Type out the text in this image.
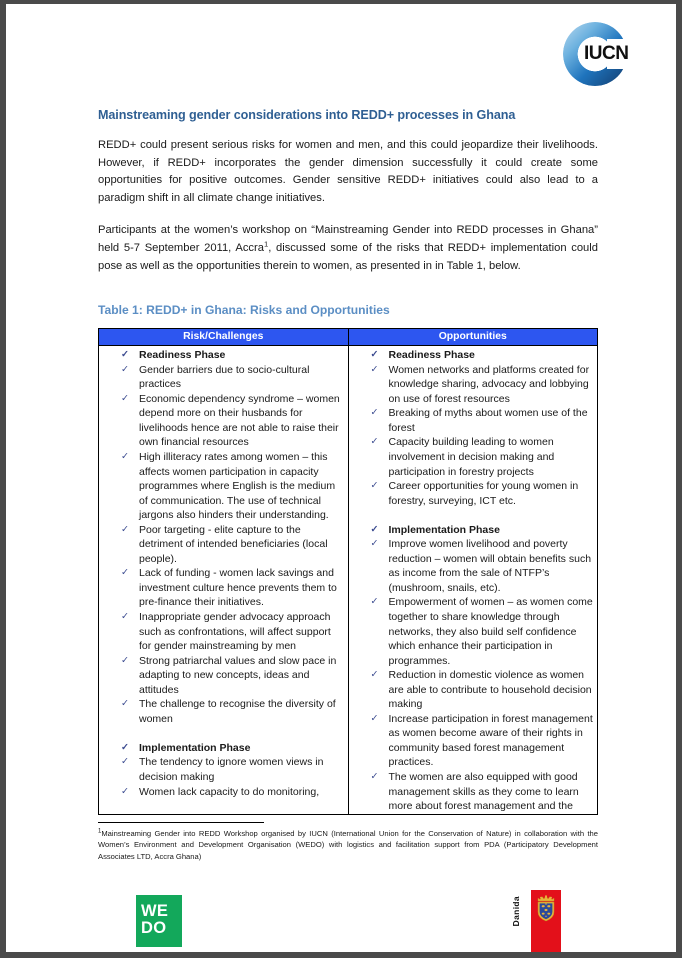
IUCN
Mainstreaming gender considerations into REDD+ processes in Ghana

REDD+ could present serious risks for women and men, and this could jeopardize their livelihoods. However, if REDD+ incorporates the gender dimension successfully it could create some opportunities for positive outcomes. Gender sensitive REDD+ initiatives could also lead to a paradigm shift in all climate change initiatives.

Participants at the women’s workshop on “Mainstreaming Gender into REDD processes in Ghana” held 5-7 September 2011, Accra$^1$, discussed some of the risks that REDD+ implementation could pose as well as the opportunities therein to women, as presented in in Table 1, below.

Table 1: REDD+ in Ghana: Risks and Opportunities

Risk/Challenges	Opportunities

✓ Readiness Phase
✓ Gender barriers due to socio-cultural practices
✓ Economic dependency syndrome – women depend more on their husbands for livelihoods hence are not able to raise their own financial resources
✓ High illiteracy rates among women – this affects women participation in capacity programmes where English is the medium of communication. The use of technical jargons also hinders their understanding.
✓ Poor targeting - elite capture to the detriment of intended beneficiaries (local people).
✓ Lack of funding - women lack savings and investment culture hence prevents them to pre-finance their initiatives.
✓ Inappropriate gender advocacy approach such as confrontations, will affect support for gender mainstreaming by men
✓ Strong patriarchal values and slow pace in adapting to new concepts, ideas and attitudes
✓ The challenge to recognise the diversity of women
✓ Implementation Phase
✓ The tendency to ignore women views in decision making
✓ Women lack capacity to do monitoring,

✓ Readiness Phase
✓ Women networks and platforms created for knowledge sharing, advocacy and lobbying on use of forest resources
✓ Breaking of myths about women use of the forest
✓ Capacity building leading to women involvement in decision making and participation in forestry projects
✓ Career opportunities for young women in forestry, surveying, ICT etc.
✓ Implementation Phase
✓ Improve women livelihood and poverty reduction – women will obtain benefits such as income from the sale of NTFP’s (mushroom, snails, etc).
✓ Empowerment of women – as women come together to share knowledge through networks, they also build self confidence which enhance their participation in programmes.
✓ Reduction in domestic violence as women are able to contribute to household decision making
✓ Increase participation in forest management as women become aware of their rights in community based forest management practices.
✓ The women are also equipped with good management skills as they come to learn more about forest management and the
$^1$Mainstreaming Gender into REDD Workshop organised by IUCN (International Union for the Conservation of Nature) in collaboration with the Women’s Environment and Development Organisation (WEDO) with logistics and facilitation support from PDA (Participatory Development Associates LTD, Accra Ghana)
WE
DO
Danida
